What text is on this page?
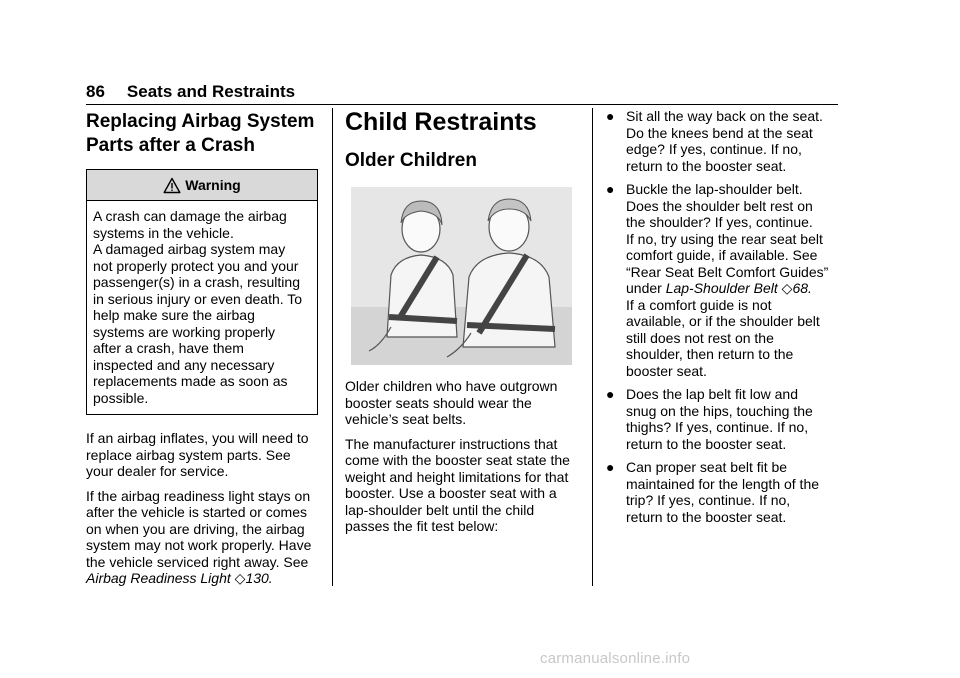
86 Seats and Restraints
Replacing Airbag System
Parts after a Crash
Warning
A crash can damage the airbag
systems in the vehicle.
A damaged airbag system may
not properly protect you and your
passenger(s) in a crash, resulting
in serious injury or even death. To
help make sure the airbag
systems are working properly
after a crash, have them
inspected and any necessary
replacements made as soon as
possible.

If an airbag inflates, you will need to replace airbag system parts. See your dealer for service.

If the airbag readiness light stays on after the vehicle is started or comes on when you are driving, the airbag system may not work properly. Have the vehicle serviced right away. See
Airbag Readiness Light ◇130.

Child Restraints
Older Children

Older children who have outgrown booster seats should wear the vehicle’s seat belts.

The manufacturer instructions that come with the booster seat state the weight and height limitations for that booster. Use a booster seat with a lap-shoulder belt until the child passes the fit test below:

● Sit all the way back on the seat.
Do the knees bend at the seat
edge? If yes, continue. If no,
return to the booster seat.
● Buckle the lap-shoulder belt.
Does the shoulder belt rest on
the shoulder? If yes, continue.
If no, try using the rear seat belt
comfort guide, if available. See
“Rear Seat Belt Comfort Guides”
under Lap-Shoulder Belt ◇68.
If a comfort guide is not
available, or if the shoulder belt
still does not rest on the
shoulder, then return to the
booster seat.
● Does the lap belt fit low and
snug on the hips, touching the
thighs? If yes, continue. If no,
return to the booster seat.
● Can proper seat belt fit be
maintained for the length of the
trip? If yes, continue. If no,
return to the booster seat.
carmanualsonline.info
